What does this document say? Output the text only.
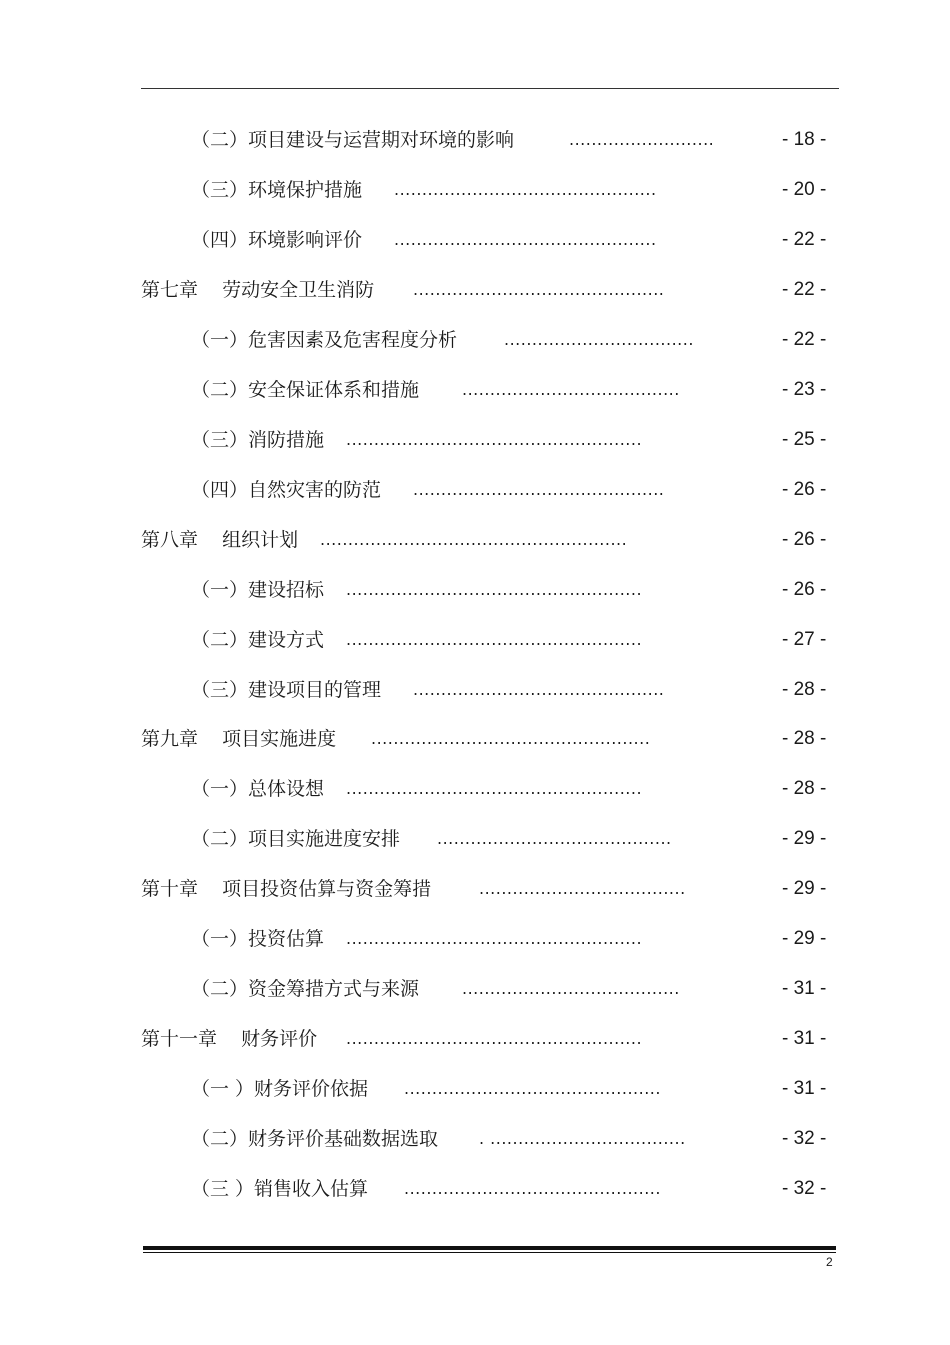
（二）项目建设与运营期对环境的影响	..........................	- 18 -
（三）环境保护措施 ...............................................	- 20 -
（四）环境影响评价 ...............................................	- 22 -
第七章    劳动安全卫生消防 .............................................	- 22 -
（一）危害因素及危害程度分析	..................................	- 22 -
（二）安全保证体系和措施	.......................................	- 23 -
（三）消防措施 .....................................................	- 25 -
（四）自然灾害的防范 .............................................	- 26 -
第八章    组织计划 .......................................................	- 26 -
（一）建设招标 .....................................................	- 26 -
（二）建设方式 .....................................................	- 27 -
（三）建设项目的管理 .............................................	- 28 -
第九章    项目实施进度 ..................................................	- 28 -
（一）总体设想 .....................................................	- 28 -
（二）项目实施进度安排 ..........................................	- 29 -
第十章    项目投资估算与资金筹措	.....................................	- 29 -
（一）投资估算 .....................................................	- 29 -
（二）资金筹措方式与来源	.......................................	- 31 -
第十一章    财务评价 .....................................................	- 31 -
（一 ）财务评价依据 ..............................................	- 31 -
（二）财务评价基础数据选取	. ...................................	- 32 -
（三 ）销售收入估算 ..............................................	- 32 -
2
